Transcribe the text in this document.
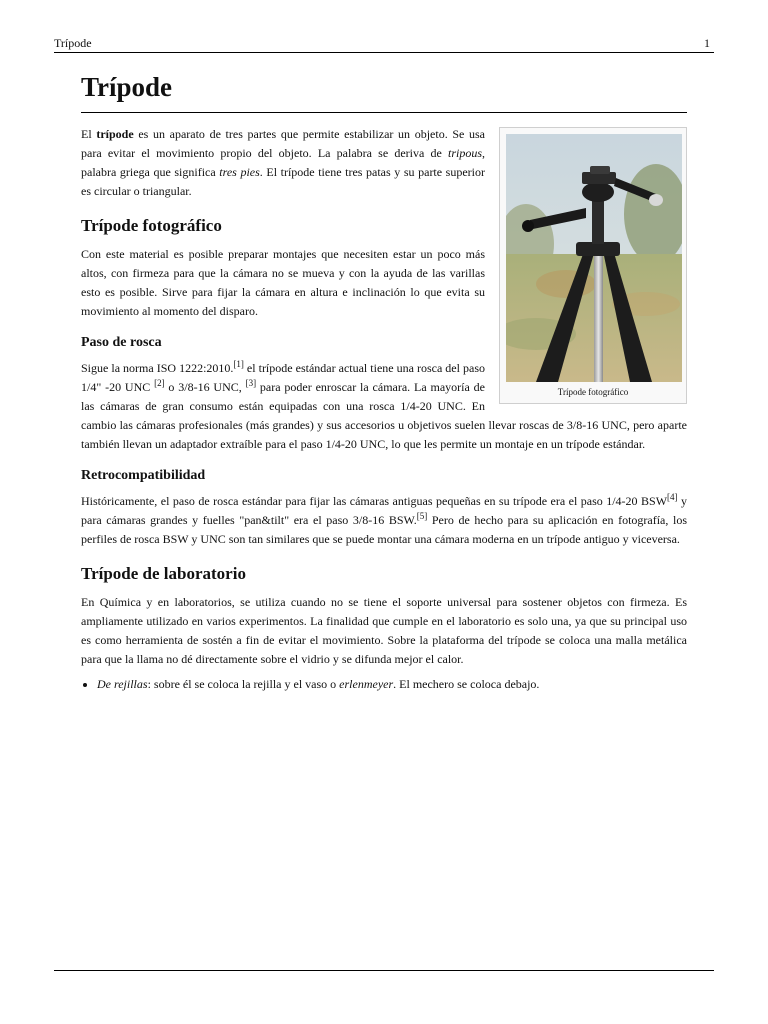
Trípode	1
Trípode
Trípode fotográfico

El trípode es un aparato de tres partes que permite estabilizar un objeto. Se usa para evitar el movimiento propio del objeto. La palabra se deriva de tripous, palabra griega que significa tres pies. El trípode tiene tres patas y su parte superior es circular o triangular.

Trípode fotográfico

Con este material es posible preparar montajes que necesiten estar un poco más altos, con firmeza para que la cámara no se mueva y con la ayuda de las varillas esto es posible. Sirve para fijar la cámara en altura e inclinación lo que evita su movimiento al momento del disparo.

Paso de rosca

Sigue la norma ISO 1222:2010.[1] el trípode estándar actual tiene una rosca del paso 1/4" -20 UNC [2] o 3/8-16 UNC, [3] para poder enroscar la cámara. La mayoría de las cámaras de gran consumo están equipadas con una rosca 1/4-20 UNC. En cambio las cámaras profesionales (más grandes) y sus accesorios u objetivos suelen llevar roscas de 3/8-16 UNC, pero aparte también llevan un adaptador extraíble para el paso 1/4-20 UNC, lo que les permite un montaje en un trípode estándar.

Retrocompatibilidad

Históricamente, el paso de rosca estándar para fijar las cámaras antiguas pequeñas en su trípode era el paso 1/4-20 BSW[4] y para cámaras grandes y fuelles "pan&tilt" era el paso 3/8-16 BSW.[5] Pero de hecho para su aplicación en fotografía, los perfiles de rosca BSW y UNC son tan similares que se puede montar una cámara moderna en un trípode antiguo y viceversa.

Trípode de laboratorio

En Química y en laboratorios, se utiliza cuando no se tiene el soporte universal para sostener objetos con firmeza. Es ampliamente utilizado en varios experimentos. La finalidad que cumple en el laboratorio es solo una, ya que su principal uso es como herramienta de sostén a fin de evitar el movimiento. Sobre la plataforma del trípode se coloca una malla metálica para que la llama no dé directamente sobre el vidrio y se difunda mejor el calor.

• De rejillas: sobre él se coloca la rejilla y el vaso o erlenmeyer. El mechero se coloca debajo.
